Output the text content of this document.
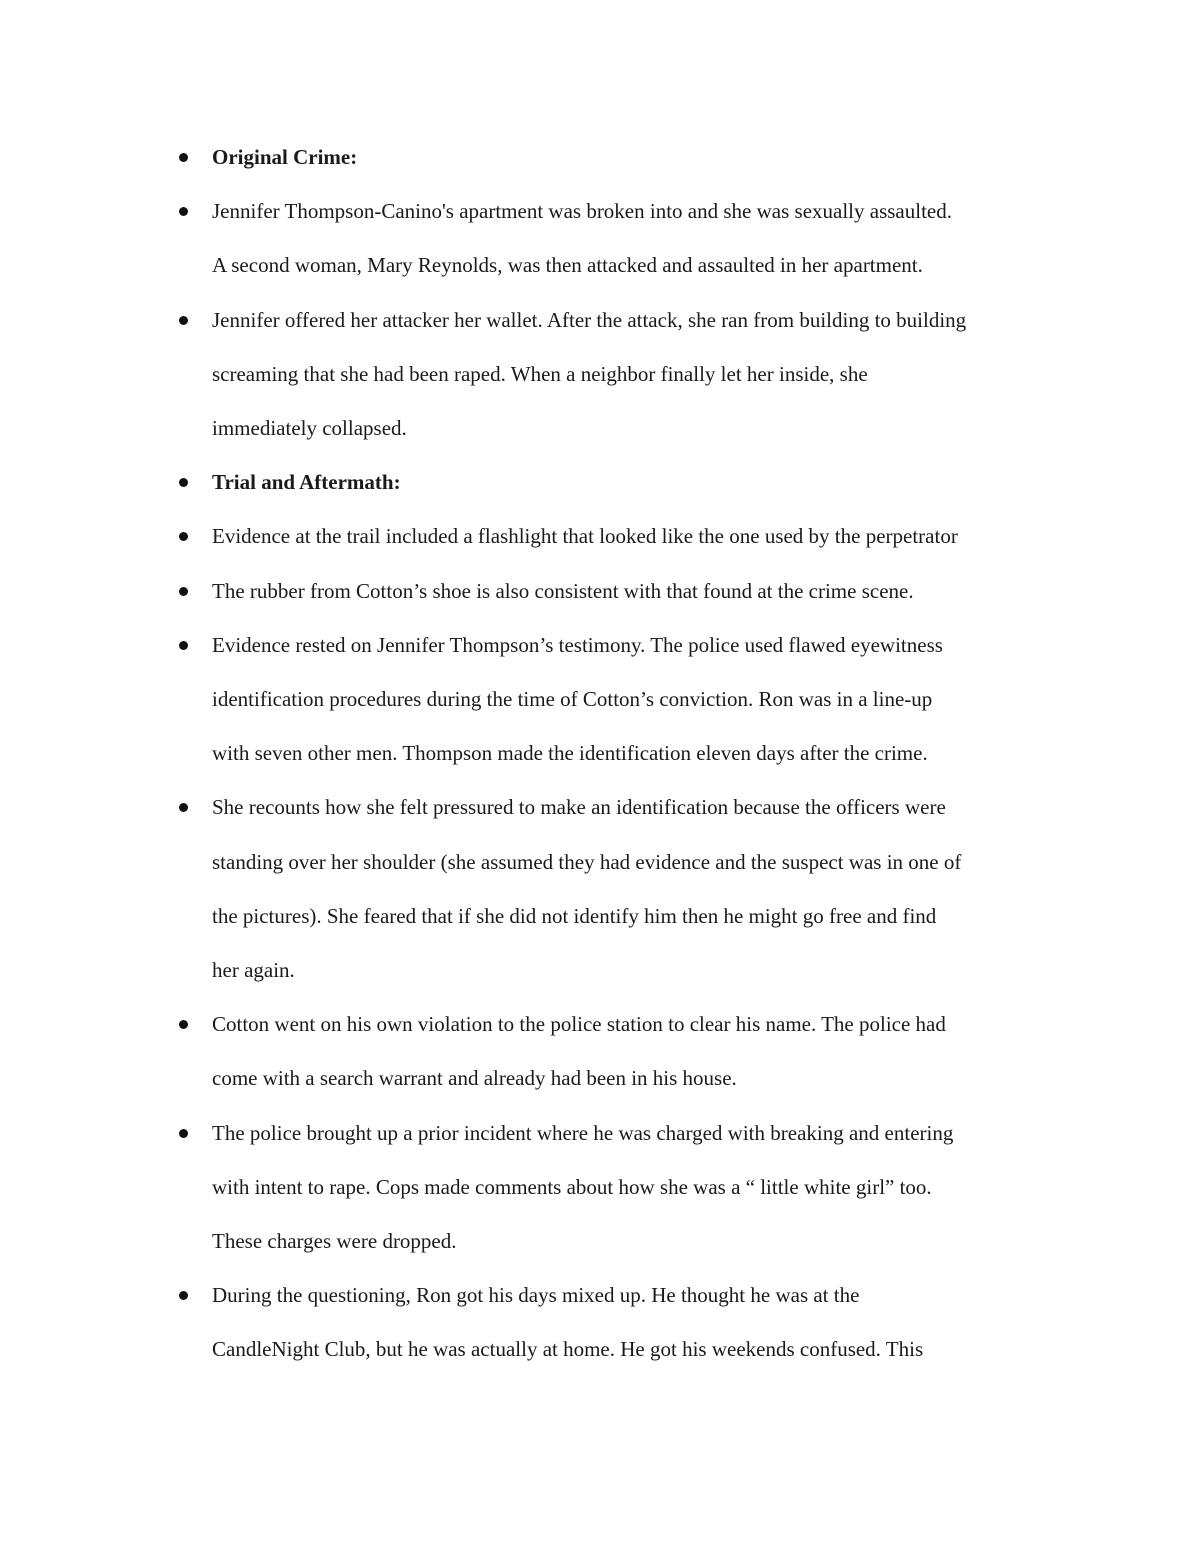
Original Crime:
Jennifer Thompson-Canino's apartment was broken into and she was sexually assaulted.
A second woman, Mary Reynolds, was then attacked and assaulted in her apartment.
Jennifer offered her attacker her wallet. After the attack, she ran from building to building
screaming that she had been raped. When a neighbor finally let her inside, she
immediately collapsed.
Trial and Aftermath:
Evidence at the trail included a flashlight that looked like the one used by the perpetrator
The rubber from Cotton’s shoe is also consistent with that found at the crime scene.
Evidence rested on Jennifer Thompson’s testimony. The police used flawed eyewitness
identification procedures during the time of Cotton’s conviction. Ron was in a line-up
with seven other men. Thompson made the identification eleven days after the crime.
She recounts how she felt pressured to make an identification because the officers were
standing over her shoulder (she assumed they had evidence and the suspect was in one of
the pictures). She feared that if she did not identify him then he might go free and find
her again.
Cotton went on his own violation to the police station to clear his name. The police had
come with a search warrant and already had been in his house.
The police brought up a prior incident where he was charged with breaking and entering
with intent to rape. Cops made comments about how she was a “ little white girl” too.
These charges were dropped.
During the questioning, Ron got his days mixed up. He thought he was at the
CandleNight Club, but he was actually at home. He got his weekends confused. This
